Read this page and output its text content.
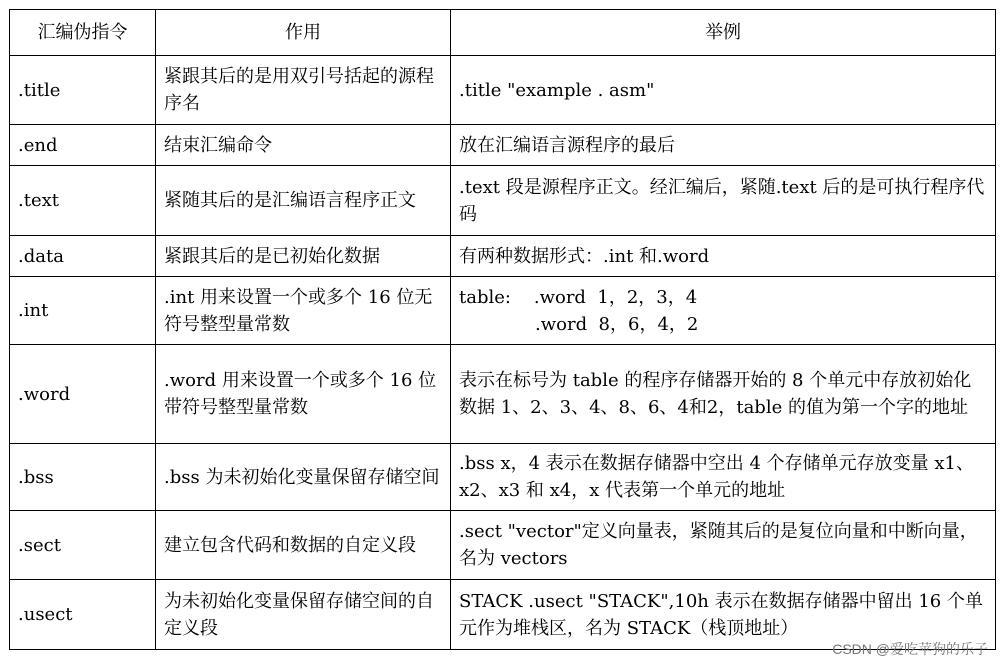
汇编伪指令	作用	举例
.title	紧跟其后的是用双引号括起的源程序名	.title "example . asm"
.end	结束汇编命令	放在汇编语言源程序的最后
.text	紧随其后的是汇编语言程序正文	.text 段是源程序正文。经汇编后，紧随.text 后的是可执行程序代码
.data	紧跟其后的是已初始化数据	有两种数据形式：.int 和.word
.int	.int 用来设置一个或多个 16 位无符号整型量常数	table:    .word  1，2，3，4
.word  8，6，4，2

.word	.word 用来设置一个或多个 16 位带符号整型量常数	表示在标号为 table 的程序存储器开始的 8 个单元中存放初始化数据 1、2、3、4、8、6、4和2，table 的值为第一个字的地址
.bss	.bss 为未初始化变量保留存储空间	.bss x，4 表示在数据存储器中空出 4 个存储单元存放变量 x1、x2、x3 和 x4，x 代表第一个单元的地址
.sect	建立包含代码和数据的自定义段	.sect "vector"定义向量表，紧随其后的是复位向量和中断向量，名为 vectors
.usect	为未初始化变量保留存储空间的自定义段	STACK .usect "STACK",10h 表示在数据存储器中留出 16 个单元作为堆栈区，名为 STACK（栈顶地址）
CSDN @爱吃苹狗的乐子
